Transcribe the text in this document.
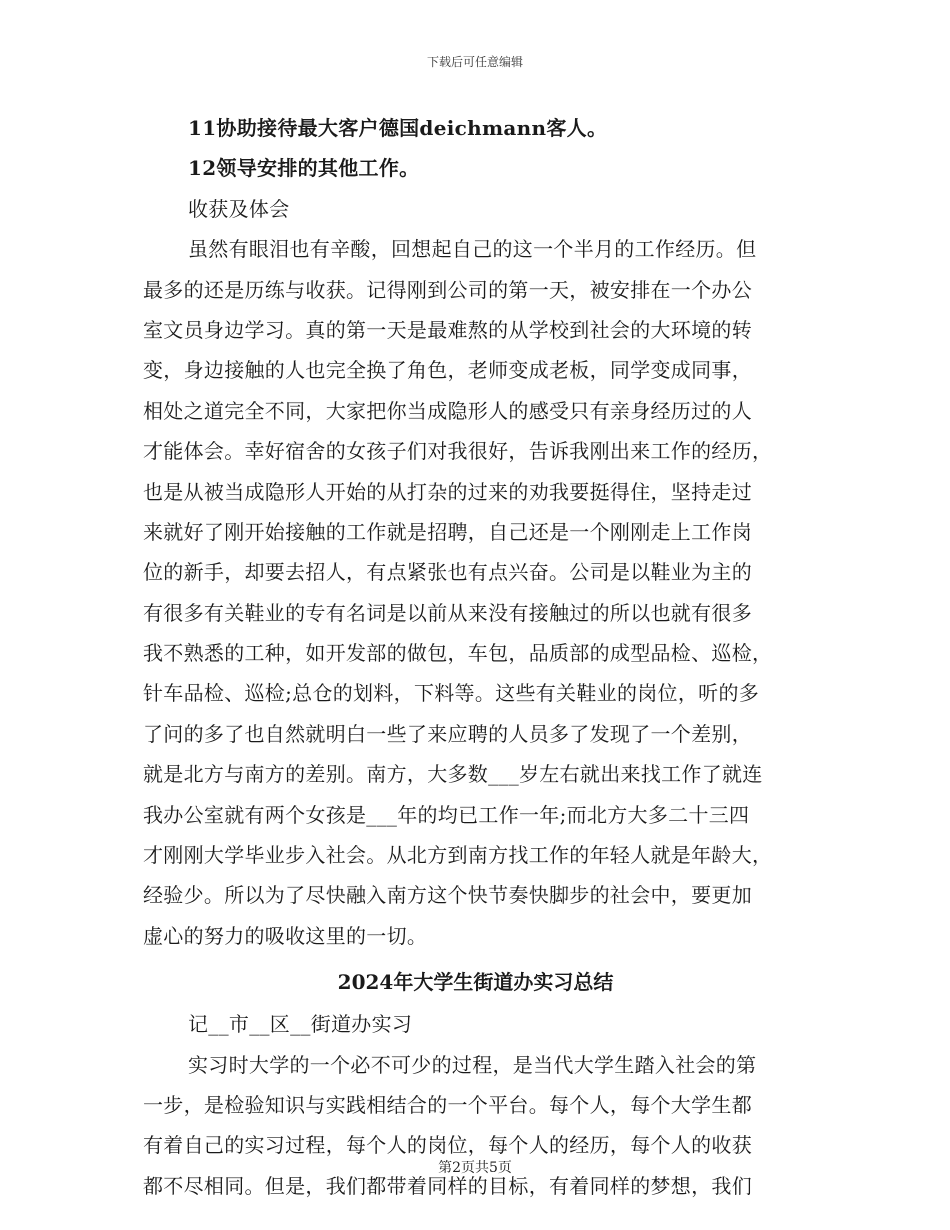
下载后可任意编辑
11协助接待最大客户德国deichmann客人。
12领导安排的其他工作。
收获及体会
虽然有眼泪也有辛酸，回想起自己的这一个半月的工作经历。但
最多的还是历练与收获。记得刚到公司的第一天，被安排在一个办公
室文员身边学习。真的第一天是最难熬的从学校到社会的大环境的转
变，身边接触的人也完全换了角色，老师变成老板，同学变成同事，
相处之道完全不同，大家把你当成隐形人的感受只有亲身经历过的人
才能体会。幸好宿舍的女孩子们对我很好，告诉我刚出来工作的经历，
也是从被当成隐形人开始的从打杂的过来的劝我要挺得住，坚持走过
来就好了刚开始接触的工作就是招聘，自己还是一个刚刚走上工作岗
位的新手，却要去招人，有点紧张也有点兴奋。公司是以鞋业为主的
有很多有关鞋业的专有名词是以前从来没有接触过的所以也就有很多
我不熟悉的工种，如开发部的做包，车包，品质部的成型品检、巡检，
针车品检、巡检;总仓的划料，下料等。这些有关鞋业的岗位，听的多
了问的多了也自然就明白一些了来应聘的人员多了发现了一个差别，
就是北方与南方的差别。南方，大多数___岁左右就出来找工作了就连
我办公室就有两个女孩是___年的均已工作一年;而北方大多二十三四
才刚刚大学毕业步入社会。从北方到南方找工作的年轻人就是年龄大，
经验少。所以为了尽快融入南方这个快节奏快脚步的社会中，要更加
虚心的努力的吸收这里的一切。
2024年大学生街道办实习总结
记__市__区__街道办实习
实习时大学的一个必不可少的过程，是当代大学生踏入社会的第
一步，是检验知识与实践相结合的一个平台。每个人，每个大学生都
有着自己的实习过程，每个人的岗位，每个人的经历，每个人的收获
都不尽相同。但是，我们都带着同样的目标，有着同样的梦想，我们
第2页共5页
